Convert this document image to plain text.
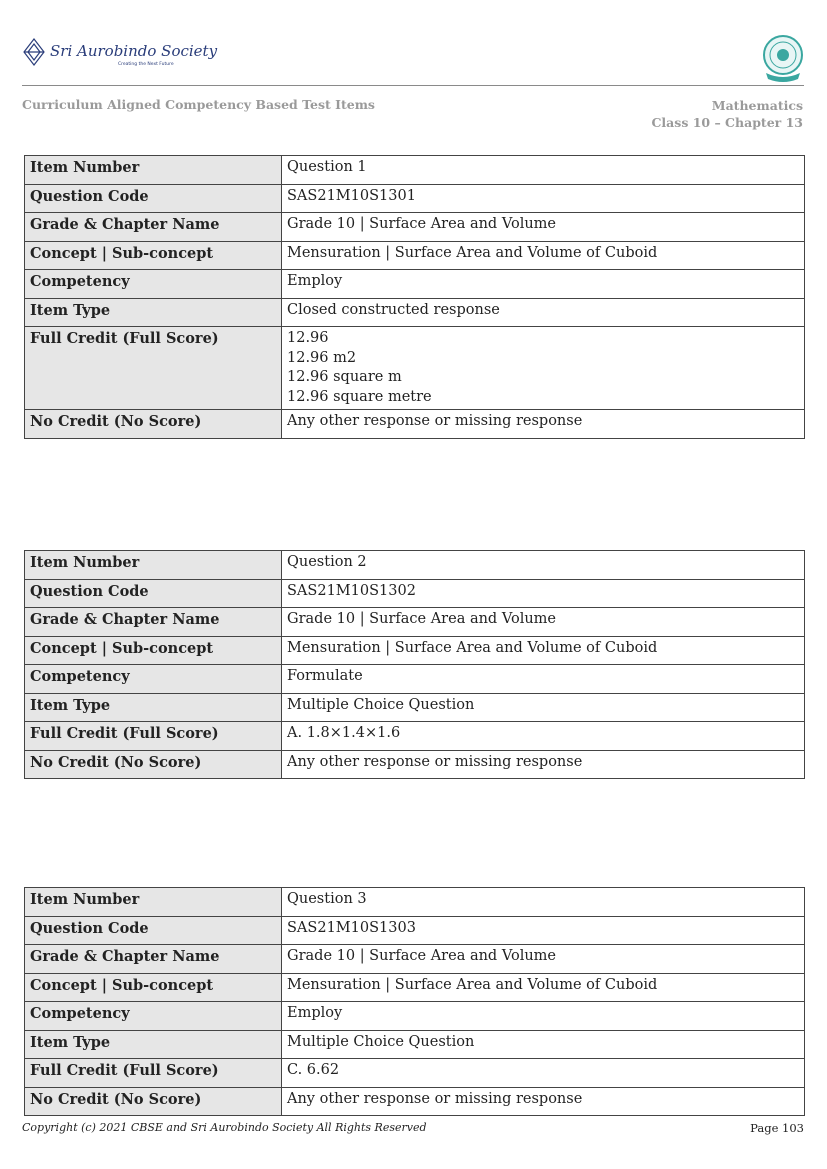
Sri Aurobindo Society
Creating the Next Future
Curriculum Aligned Competency Based Test Items	Mathematics
Class 10 – Chapter 13
Item Number	Question 1
Question Code	SAS21M10S1301
Grade & Chapter Name	Grade 10 | Surface Area and Volume
Concept | Sub-concept	Mensuration | Surface Area and Volume of Cuboid
Competency	Employ
Item Type	Closed constructed response
Full Credit (Full Score)	12.96
12.96 m2
12.96 square m
12.96 square metre

No Credit (No Score)	Any other response or missing response
Item Number	Question 2
Question Code	SAS21M10S1302
Grade & Chapter Name	Grade 10 | Surface Area and Volume
Concept | Sub-concept	Mensuration | Surface Area and Volume of Cuboid
Competency	Formulate
Item Type	Multiple Choice Question
Full Credit (Full Score)	A. 1.8×1.4×1.6
No Credit (No Score)	Any other response or missing response
Item Number	Question 3
Question Code	SAS21M10S1303
Grade & Chapter Name	Grade 10 | Surface Area and Volume
Concept | Sub-concept	Mensuration | Surface Area and Volume of Cuboid
Competency	Employ
Item Type	Multiple Choice Question
Full Credit (Full Score)	C. 6.62
No Credit (No Score)	Any other response or missing response
Copyright (c) 2021 CBSE and Sri Aurobindo Society All Rights Reserved	Page 103
